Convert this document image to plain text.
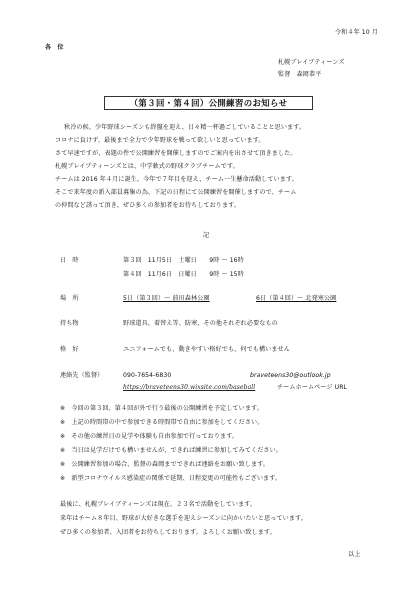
令和４年 10 月
各　位
札幌ブレイブティーンズ
監督　森岡恭平
（第３回・第４回）公開練習のお知らせ
秋冷の候、少年野球シーズンも終盤を迎え、日々精一杯過ごしていることと思います。
コロナに負けず、最後まで全力で少年野球を戦って欲しいと思っています。
さて早速ですが、表題の件で公開練習を開催しますのでご案内を出させて頂きました。
札幌ブレイブティーンズとは、中学軟式の野球クラブチームです。
チームは 2016 年４月に誕生、今年で７年目を迎え、チーム一生懸命活動しています。
そこで来年度の新入部員募集の為、下記の日程にて公開練習を開催しますので、チーム
の仲間など誘って頂き、ぜひ多くの参加者をお待ちしております。
記
日　時	第３回　11月5日　土曜日　　9時 ～ 16時
第４回　11月6日　日曜日　　9時 ～ 15時
場　所	5日（第３回）～ 前田森林公園	6日（第４回）～ 北発寒公園
持ち物	野球道具、着替え等、防寒、その他それぞれ必要なもの
格　好	ユニフォームでも、動きやすい格好でも、何でも構いません
連絡先（監督）	090-7654-6830	braveteens30@outlook.jp
https://braveteens30.wixsite.com/baseball	チームホームページ URL
※　今回の第３回、第４回が外で行う最後の公開練習を予定しています。
※　上記の時間帯の中で参加できる時間帯で自由に参加をしてください。
※　その他の練習日の見学や体験も自由参加で行っております。
※　当日は見学だけでも構いませんが、できれば練習に参加してみてください。
※　公開練習参加の場合、監督の森岡までできれば連絡をお願い致します。
※　新型コロナウイルス感染症の関係で延期、日程変更の可能性もございます。
最後に、札幌ブレイブティーンズは現在、２３名で活動をしています。
来年はチーム８年目、野球が大好きな選手を迎えシーズンに向かいたいと思っています。
ぜひ多くの参加者、入団者をお待ちしております。よろしくお願い致します。
以上
